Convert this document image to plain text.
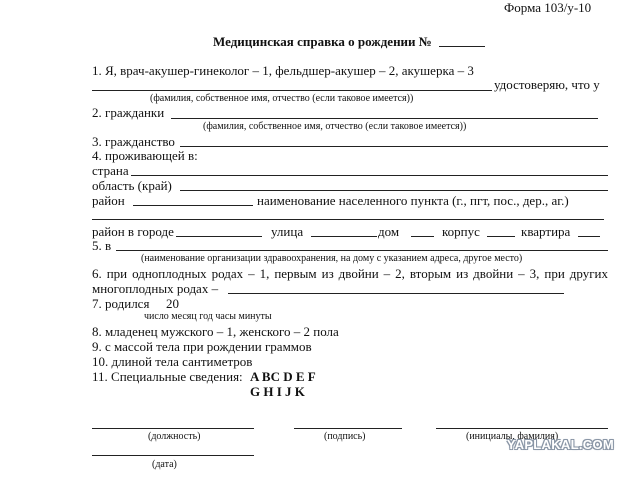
Форма 103/у-10
Медицинская справка о рождении №
1. Я, врач-акушер-гинеколог – 1, фельдшер-акушер – 2, акушерка – 3
удостоверяю, что у
(фамилия, собственное имя, отчество (если таковое имеется))
2. гражданки
(фамилия, собственное имя, отчество (если таковое имеется))
3. гражданство
4. проживающей в:
страна
область (край)
район	наименование населенного пункта (г., пгт, пос., дер., аг.)
район в городе	улица	дом	корпус	квартира
5. в
(наименование организации здравоохранения, на дому с указанием адреса, другое место)
6. при одноплодных родах – 1, первым из двойни – 2, вторым из двойни – 3, при других
многоплодных родах –
7. родился 20
число месяц год часы минуты
8. младенец мужского – 1, женского – 2 пола
9. с массой тела при рождении граммов
10. длиной тела сантиметров
11. Специальные сведения: A BC D E F
G H I J K
(должность)	(подпись)	(инициалы, фамилия)
(дата)
YAPLAKAL.COM
